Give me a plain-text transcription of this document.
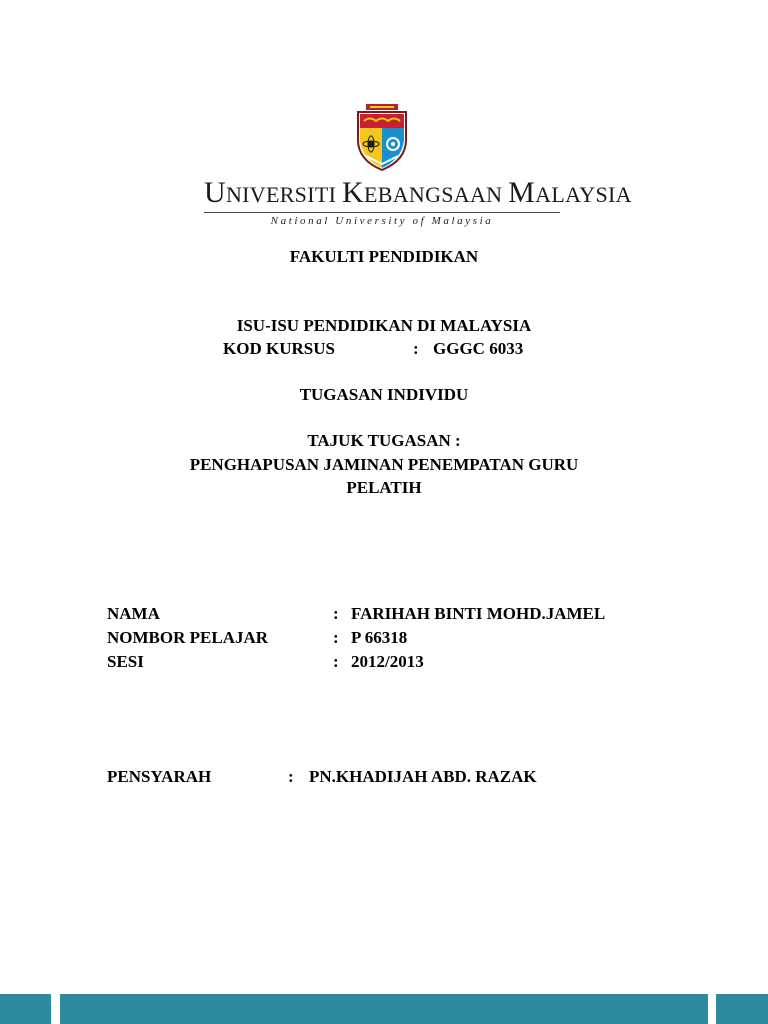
UNIVERSITI KEBANGSAAN MALAYSIA
National University of Malaysia
FAKULTI PENDIDIKAN
ISU-ISU PENDIDIKAN DI MALAYSIA
KOD KURSUS	: GGGC 6033
TUGASAN INDIVIDU
TAJUK TUGASAN :
PENGHAPUSAN JAMINAN PENEMPATAN GURU
PELATIH
NAMA	: FARIHAH BINTI MOHD.JAMEL
NOMBOR PELAJAR	: P 66318
SESI	: 2012/2013
PENSYARAH	: PN.KHADIJAH ABD. RAZAK
